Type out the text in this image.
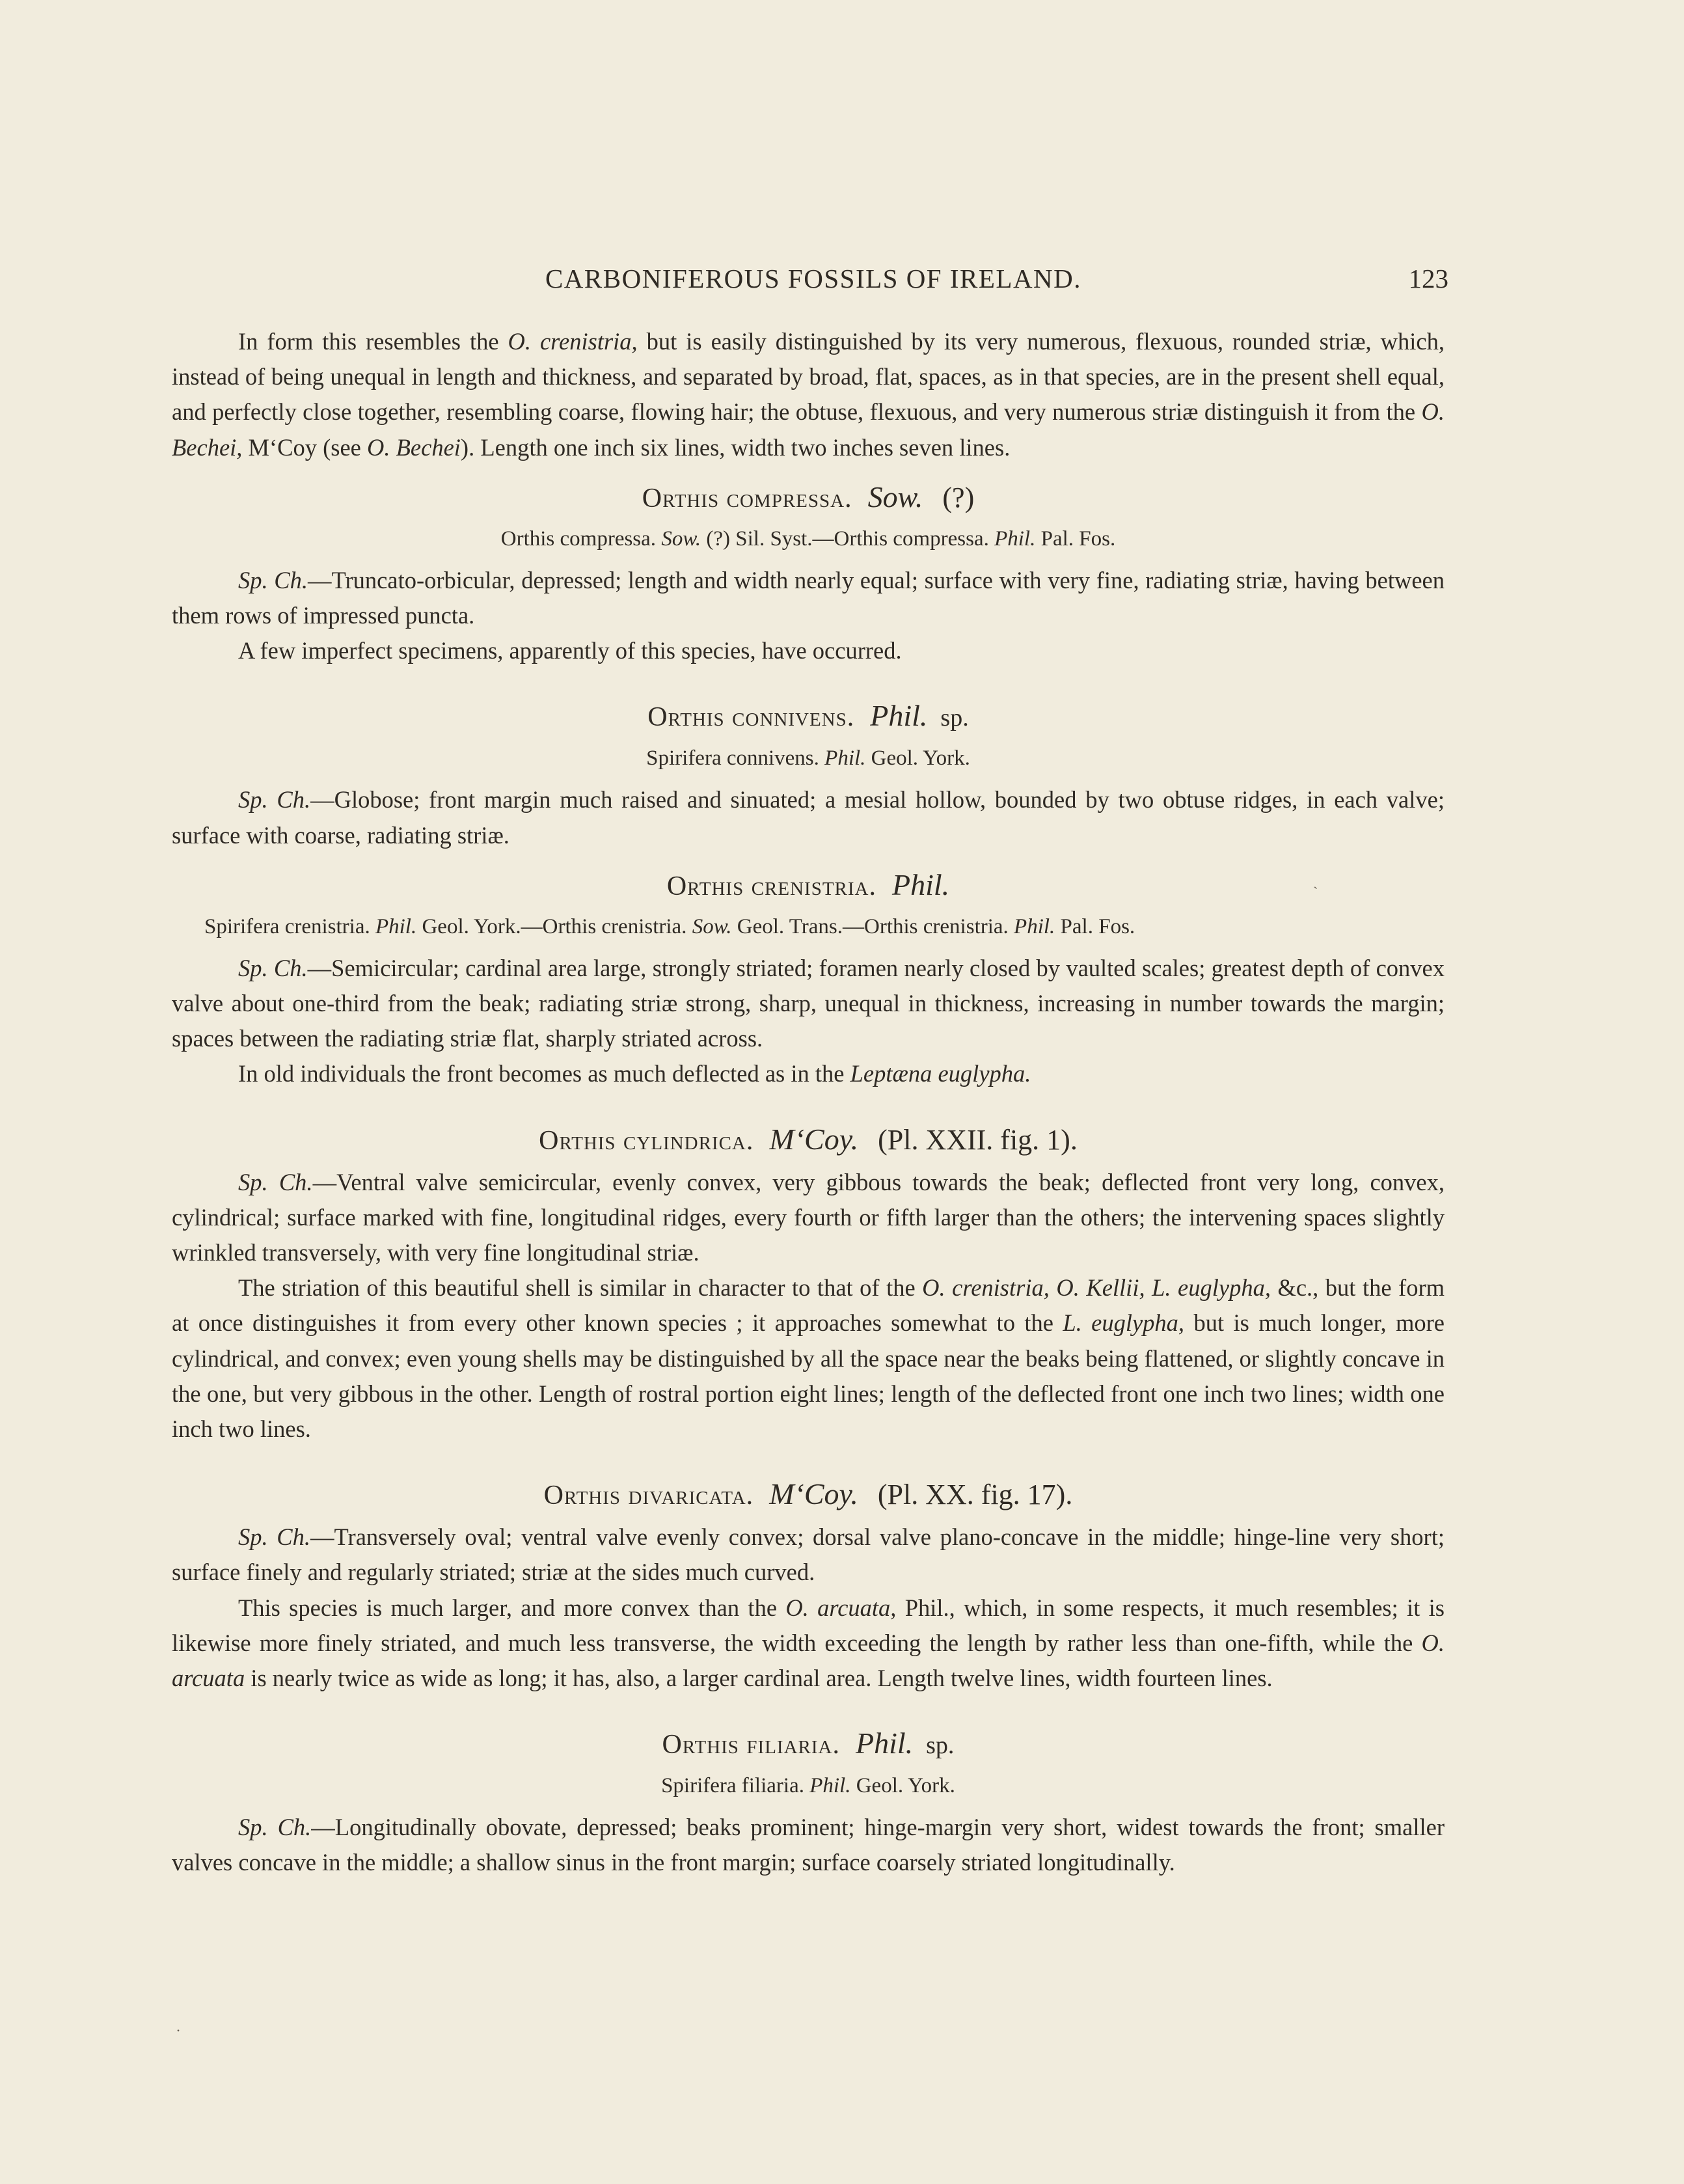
CARBONIFEROUS FOSSILS OF IRELAND.	123

In form this resembles the O. crenistria, but is easily distinguished by its very numerous, flexuous, rounded striæ, which, instead of being unequal in length and thickness, and separated by broad, flat, spaces, as in that species, are in the present shell equal, and perfectly close together, resembling coarse, flowing hair; the obtuse, flexuous, and very numerous striæ distinguish it from the O. Bechei, M‘Coy (see O. Bechei). Length one inch six lines, width two inches seven lines.

Orthis compressa. Sow. (?)
Orthis compressa. Sow. (?) Sil. Syst.—Orthis compressa. Phil. Pal. Fos.

Sp. Ch.—Truncato-orbicular, depressed; length and width nearly equal; surface with very fine, radiating striæ, having between them rows of impressed puncta.

A few imperfect specimens, apparently of this species, have occurred.

Orthis connivens. Phil. sp.
Spirifera connivens. Phil. Geol. York.

Sp. Ch.—Globose; front margin much raised and sinuated; a mesial hollow, bounded by two obtuse ridges, in each valve; surface with coarse, radiating striæ.

Orthis crenistria. Phil.
Spirifera crenistria. Phil. Geol. York.—Orthis crenistria. Sow. Geol. Trans.—Orthis crenistria. Phil. Pal. Fos.

Sp. Ch.—Semicircular; cardinal area large, strongly striated; foramen nearly closed by vaulted scales; greatest depth of convex valve about one-third from the beak; radiating striæ strong, sharp, unequal in thickness, increasing in number towards the margin; spaces between the radiating striæ flat, sharply striated across.

In old individuals the front becomes as much deflected as in the Leptæna euglypha.

Orthis cylindrica. M‘Coy. (Pl. XXII. fig. 1).

Sp. Ch.—Ventral valve semicircular, evenly convex, very gibbous towards the beak; deflected front very long, convex, cylindrical; surface marked with fine, longitudinal ridges, every fourth or fifth larger than the others; the intervening spaces slightly wrinkled transversely, with very fine longitudinal striæ.

The striation of this beautiful shell is similar in character to that of the O. crenistria, O. Kellii, L. euglypha, &c., but the form at once distinguishes it from every other known species ; it approaches somewhat to the L. euglypha, but is much longer, more cylindrical, and convex; even young shells may be distinguished by all the space near the beaks being flattened, or slightly concave in the one, but very gibbous in the other. Length of rostral portion eight lines; length of the deflected front one inch two lines; width one inch two lines.

Orthis divaricata. M‘Coy. (Pl. XX. fig. 17).

Sp. Ch.—Transversely oval; ventral valve evenly convex; dorsal valve plano-concave in the middle; hinge-line very short; surface finely and regularly striated; striæ at the sides much curved.

This species is much larger, and more convex than the O. arcuata, Phil., which, in some respects, it much resembles; it is likewise more finely striated, and much less transverse, the width exceeding the length by rather less than one-fifth, while the O. arcuata is nearly twice as wide as long; it has, also, a larger cardinal area. Length twelve lines, width fourteen lines.

Orthis filiaria. Phil. sp.
Spirifera filiaria. Phil. Geol. York.

Sp. Ch.—Longitudinally obovate, depressed; beaks prominent; hinge-margin very short, widest towards the front; smaller valves concave in the middle; a shallow sinus in the front margin; surface coarsely striated longitudinally.

ˋ
·
